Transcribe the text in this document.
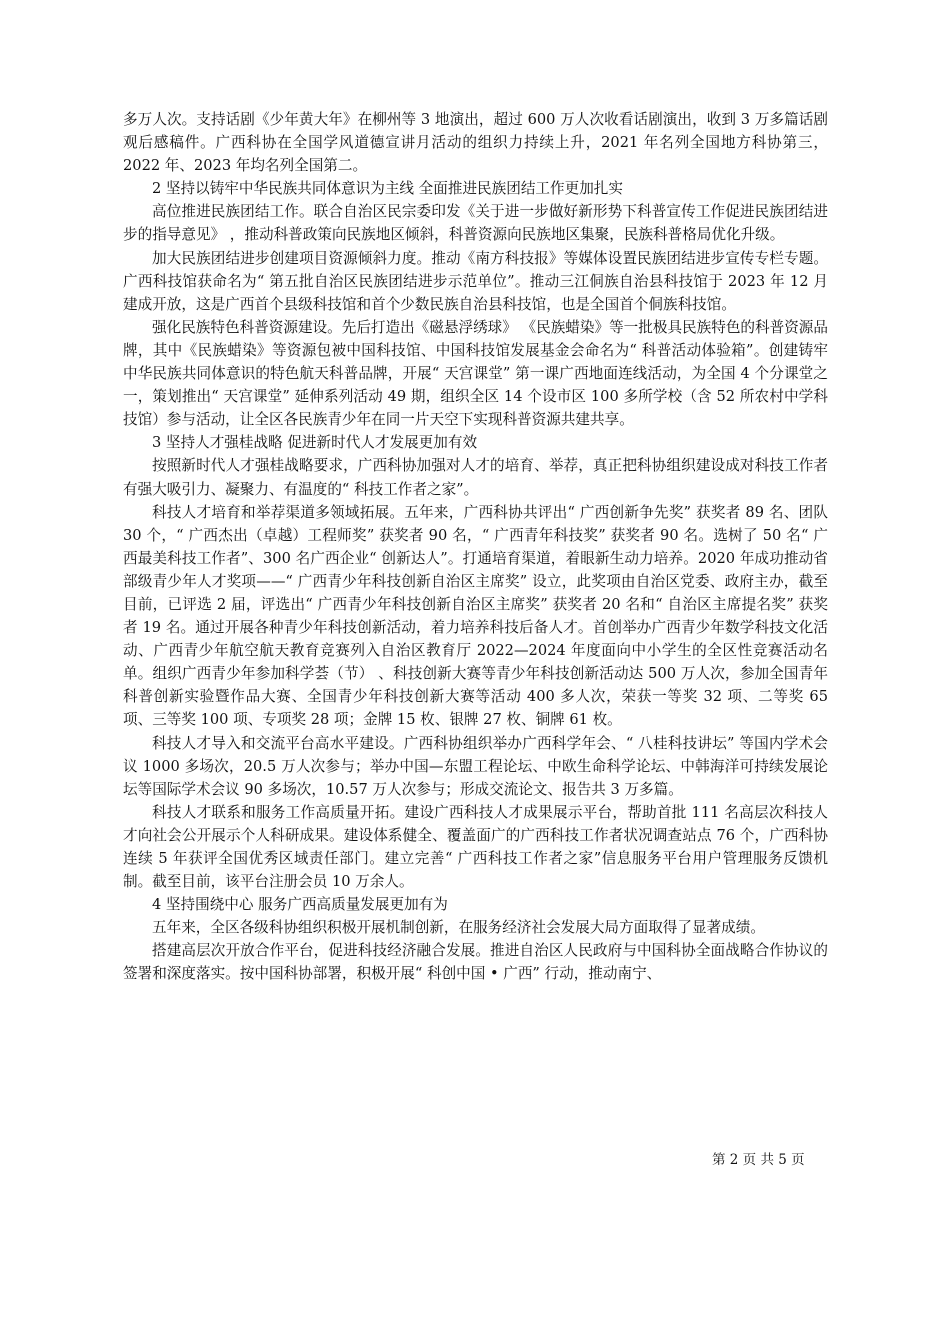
多万人次。支持话剧《少年黄大年》在柳州等 3 地演出，超过 600 万人次收看话剧演出，收到 3 万多篇话剧观后感稿件。广西科协在全国学风道德宣讲月活动的组织力持续上升，2021 年名列全国地方科协第三，2022 年、2023 年均名列全国第二。

2 坚持以铸牢中华民族共同体意识为主线 全面推进民族团结工作更加扎实

高位推进民族团结工作。联合自治区民宗委印发《关于进一步做好新形势下科普宣传工作促进民族团结进步的指导意见》 ，推动科普政策向民族地区倾斜，科普资源向民族地区集聚，民族科普格局优化升级。

加大民族团结进步创建项目资源倾斜力度。推动《南方科技报》等媒体设置民族团结进步宣传专栏专题。广西科技馆获命名为“ 第五批自治区民族团结进步示范单位”。推动三江侗族自治县科技馆于 2023 年 12 月建成开放，这是广西首个县级科技馆和首个少数民族自治县科技馆，也是全国首个侗族科技馆。

强化民族特色科普资源建设。先后打造出《磁悬浮绣球》 《民族蜡染》等一批极具民族特色的科普资源品牌，其中《民族蜡染》等资源包被中国科技馆、中国科技馆发展基金会命名为“ 科普活动体验箱”。创建铸牢中华民族共同体意识的特色航天科普品牌，开展“ 天宫课堂” 第一课广西地面连线活动，为全国 4 个分课堂之一，策划推出“ 天宫课堂” 延伸系列活动 49 期，组织全区 14 个设市区 100 多所学校（含 52 所农村中学科技馆）参与活动，让全区各民族青少年在同一片天空下实现科普资源共建共享。

3 坚持人才强桂战略 促进新时代人才发展更加有效

按照新时代人才强桂战略要求，广西科协加强对人才的培育、举荐，真正把科协组织建设成对科技工作者有强大吸引力、凝聚力、有温度的“ 科技工作者之家”。

科技人才培育和举荐渠道多领域拓展。五年来，广西科协共评出“ 广西创新争先奖” 获奖者 89 名、团队 30 个，“ 广西杰出（卓越）工程师奖” 获奖者 90 名，“ 广西青年科技奖” 获奖者 90 名。选树了 50 名“ 广西最美科技工作者”、300 名广西企业“ 创新达人”。打通培育渠道，着眼新生动力培养。2020 年成功推动省部级青少年人才奖项——“ 广西青少年科技创新自治区主席奖” 设立，此奖项由自治区党委、政府主办，截至目前，已评选 2 届，评选出“ 广西青少年科技创新自治区主席奖” 获奖者 20 名和“ 自治区主席提名奖” 获奖者 19 名。通过开展各种青少年科技创新活动，着力培养科技后备人才。首创举办广西青少年数学科技文化活动、广西青少年航空航天教育竞赛列入自治区教育厅 2022—2024 年度面向中小学生的全区性竞赛活动名单。组织广西青少年参加科学荟（节） 、科技创新大赛等青少年科技创新活动达 500 万人次，参加全国青年科普创新实验暨作品大赛、全国青少年科技创新大赛等活动 400 多人次，荣获一等奖 32 项、二等奖 65 项、三等奖 100 项、专项奖 28 项；金牌 15 枚、银牌 27 枚、铜牌 61 枚。

科技人才导入和交流平台高水平建设。广西科协组织举办广西科学年会、“ 八桂科技讲坛” 等国内学术会议 1000 多场次，20.5 万人次参与；举办中国—东盟工程论坛、中欧生命科学论坛、中韩海洋可持续发展论坛等国际学术会议 90 多场次，10.57 万人次参与；形成交流论文、报告共 3 万多篇。

科技人才联系和服务工作高质量开拓。建设广西科技人才成果展示平台，帮助首批 111 名高层次科技人才向社会公开展示个人科研成果。建设体系健全、覆盖面广的广西科技工作者状况调查站点 76 个，广西科协连续 5 年获评全国优秀区域责任部门。建立完善“ 广西科技工作者之家”信息服务平台用户管理服务反馈机制。截至目前，该平台注册会员 10 万余人。

4 坚持围绕中心 服务广西高质量发展更加有为

五年来，全区各级科协组织积极开展机制创新，在服务经济社会发展大局方面取得了显著成绩。

搭建高层次开放合作平台，促进科技经济融合发展。推进自治区人民政府与中国科协全面战略合作协议的签署和深度落实。按中国科协部署，积极开展“ 科创中国 • 广西” 行动，推动南宁、

第 2 页 共 5 页
